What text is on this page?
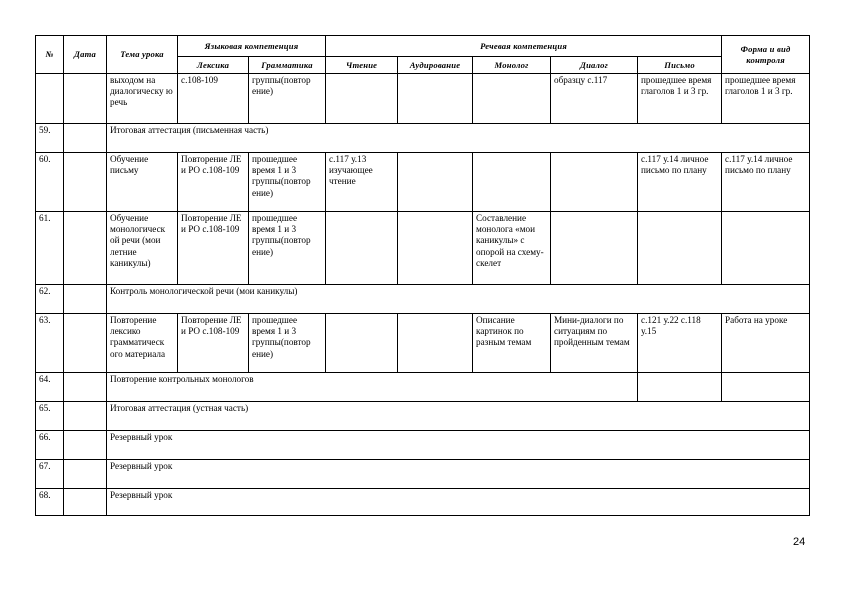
№	Дата	Тема урока	Языковая компетенция		Речевая компетенция					Форма и вид контроля
			Лексика	Грамматика	Чтение	Аудирование	Монолог	Диалог	Письмо	
		выходом на диалогическу ю речь	с.108-109	группы(повтор ение)				образцу с.117	прошедшее время глаголов 1 и 3 гр.	прошедшее время глаголов 1 и 3 гр.
59.		Итоговая аттестация (письменная часть)								
60.		Обучение письму	Повторение ЛЕ и РО с.108-109	прошедшее время 1 и 3 группы(повтор ение)	с.117 у.13 изучающее чтение				с.117 у.14 личное письмо по плану	с.117 у.14 личное письмо по плану
61.		Обучение монологическ ой речи (мои летние каникулы)	Повторение ЛЕ и РО с.108-109	прошедшее время 1 и 3 группы(повтор ение)			Составление монолога «мои каникулы» с опорой на схему-скелет			
62.		Контроль монологической речи (мои каникулы)								
63.		Повторение лексико грамматическ ого материала	Повторение ЛЕ и РО с.108-109	прошедшее время 1 и 3 группы(повтор ение)			Описание картинок по разным темам	Мини-диалоги по ситуациям по пройденным темам	с.121 у.22 с.118 у.15	Работа на уроке
64.		Повторение контрольных монологов								
65.		Итоговая аттестация (устная часть)								
66.		Резервный урок								
67.		Резервный урок								
68.		Резервный урок								
24
